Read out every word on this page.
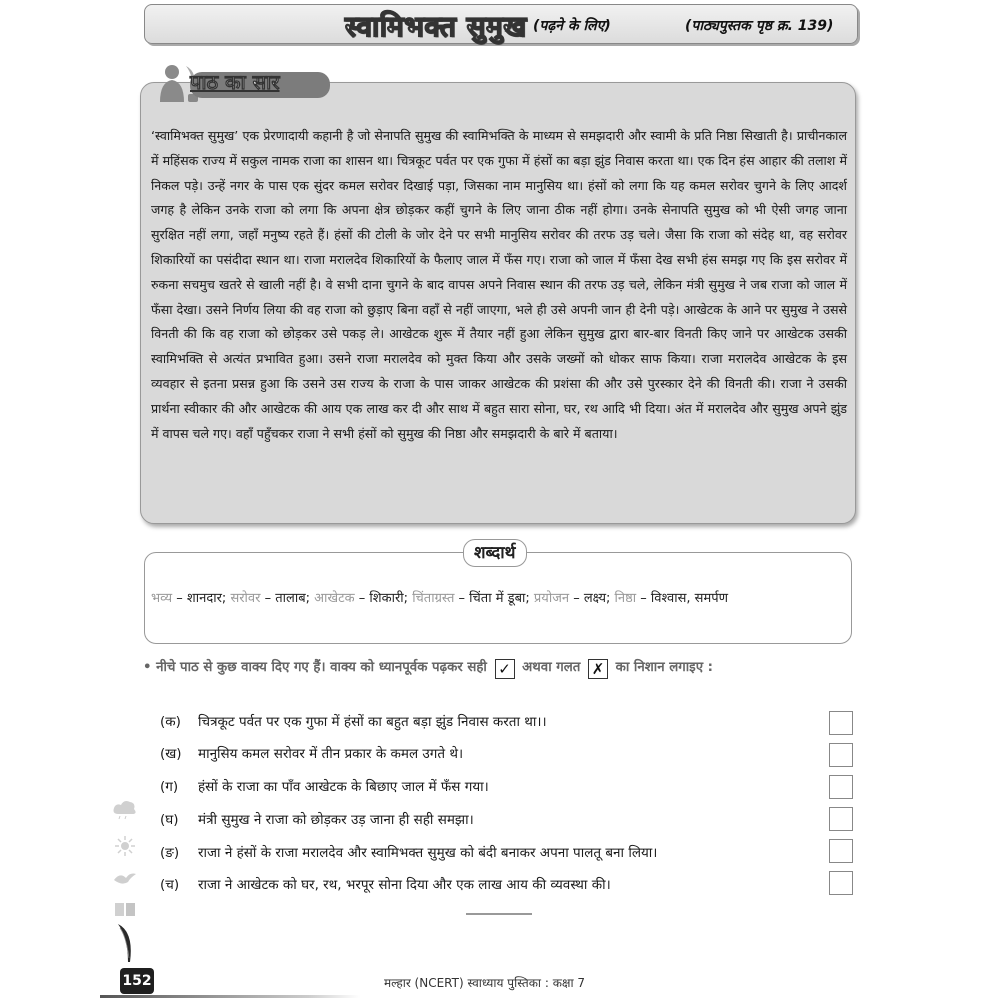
स्वामिभक्त सुमुख (पढ़ने के लिए)	(पाठ्यपुस्तक पृष्ठ क्र. 139)
‘स्वामिभक्त सुमुख’ एक प्रेरणादायी कहानी है जो सेनापति सुमुख की स्वामिभक्ति के माध्यम से समझदारी और स्वामी के प्रति निष्ठा सिखाती है। प्राचीनकाल में महिंसक राज्य में सकुल नामक राजा का शासन था। चित्रकूट पर्वत पर एक गुफा में हंसों का बड़ा झुंड निवास करता था। एक दिन हंस आहार की तलाश में निकल पड़े। उन्हें नगर के पास एक सुंदर कमल सरोवर दिखाई पड़ा, जिसका नाम मानुसिय था। हंसों को लगा कि यह कमल सरोवर चुगने के लिए आदर्श जगह है लेकिन उनके राजा को लगा कि अपना क्षेत्र छोड़कर कहीं चुगने के लिए जाना ठीक नहीं होगा। उनके सेनापति सुमुख को भी ऐसी जगह जाना सुरक्षित नहीं लगा, जहाँ मनुष्य रहते हैं। हंसों की टोली के जोर देने पर सभी मानुसिय सरोवर की तरफ उड़ चले। जैसा कि राजा को संदेह था, वह सरोवर शिकारियों का पसंदीदा स्थान था। राजा मरालदेव शिकारियों के फैलाए जाल में फँस गए। राजा को जाल में फँसा देख सभी हंस समझ गए कि इस सरोवर में रुकना सचमुच खतरे से खाली नहीं है। वे सभी दाना चुगने के बाद वापस अपने निवास स्थान की तरफ उड़ चले, लेकिन मंत्री सुमुख ने जब राजा को जाल में फँसा देखा। उसने निर्णय लिया की वह राजा को छुड़ाए बिना वहाँ से नहीं जाएगा, भले ही उसे अपनी जान ही देनी पड़े। आखेटक के आने पर सुमुख ने उससे विनती की कि वह राजा को छोड़कर उसे पकड़ ले। आखेटक शुरू में तैयार नहीं हुआ लेकिन सुमुख द्वारा बार-बार विनती किए जाने पर आखेटक उसकी स्वामिभक्ति से अत्यंत प्रभावित हुआ। उसने राजा मरालदेव को मुक्त किया और उसके जख्मों को धोकर साफ किया। राजा मरालदेव आखेटक के इस व्यवहार से इतना प्रसन्न हुआ कि उसने उस राज्य के राजा के पास जाकर आखेटक की प्रशंसा की और उसे पुरस्कार देने की विनती की। राजा ने उसकी प्रार्थना स्वीकार की और आखेटक की आय एक लाख कर दी और साथ में बहुत सारा सोना, घर, रथ आदि भी दिया। अंत में मरालदेव और सुमुख अपने झुंड में वापस चले गए। वहाँ पहुँचकर राजा ने सभी हंसों को सुमुख की निष्ठा और समझदारी के बारे में बताया।
पाठ का सार
शब्दार्थ
भव्य – शानदार; सरोवर – तालाब; आखेटक – शिकारी; चिंताग्रस्त – चिंता में डूबा; प्रयोजन – लक्ष्य; निष्ठा – विश्वास, समर्पण
• नीचे पाठ से कुछ वाक्य दिए गए हैं। वाक्य को ध्यानपूर्वक पढ़कर सही ✓ अथवा गलत ✗ का निशान लगाइए :
(क) चित्रकूट पर्वत पर एक गुफा में हंसों का बहुत बड़ा झुंड निवास करता था।।
(ख) मानुसिय कमल सरोवर में तीन प्रकार के कमल उगते थे।
(ग) हंसों के राजा का पाँव आखेटक के बिछाए जाल में फँस गया।
(घ) मंत्री सुमुख ने राजा को छोड़कर उड़ जाना ही सही समझा।
(ङ) राजा ने हंसों के राजा मरालदेव और स्वामिभक्त सुमुख को बंदी बनाकर अपना पालतू बना लिया।
(च) राजा ने आखेटक को घर, रथ, भरपूर सोना दिया और एक लाख आय की व्यवस्था की।
152	मल्हार (NCERT) स्वाध्याय पुस्तिका : कक्षा 7
